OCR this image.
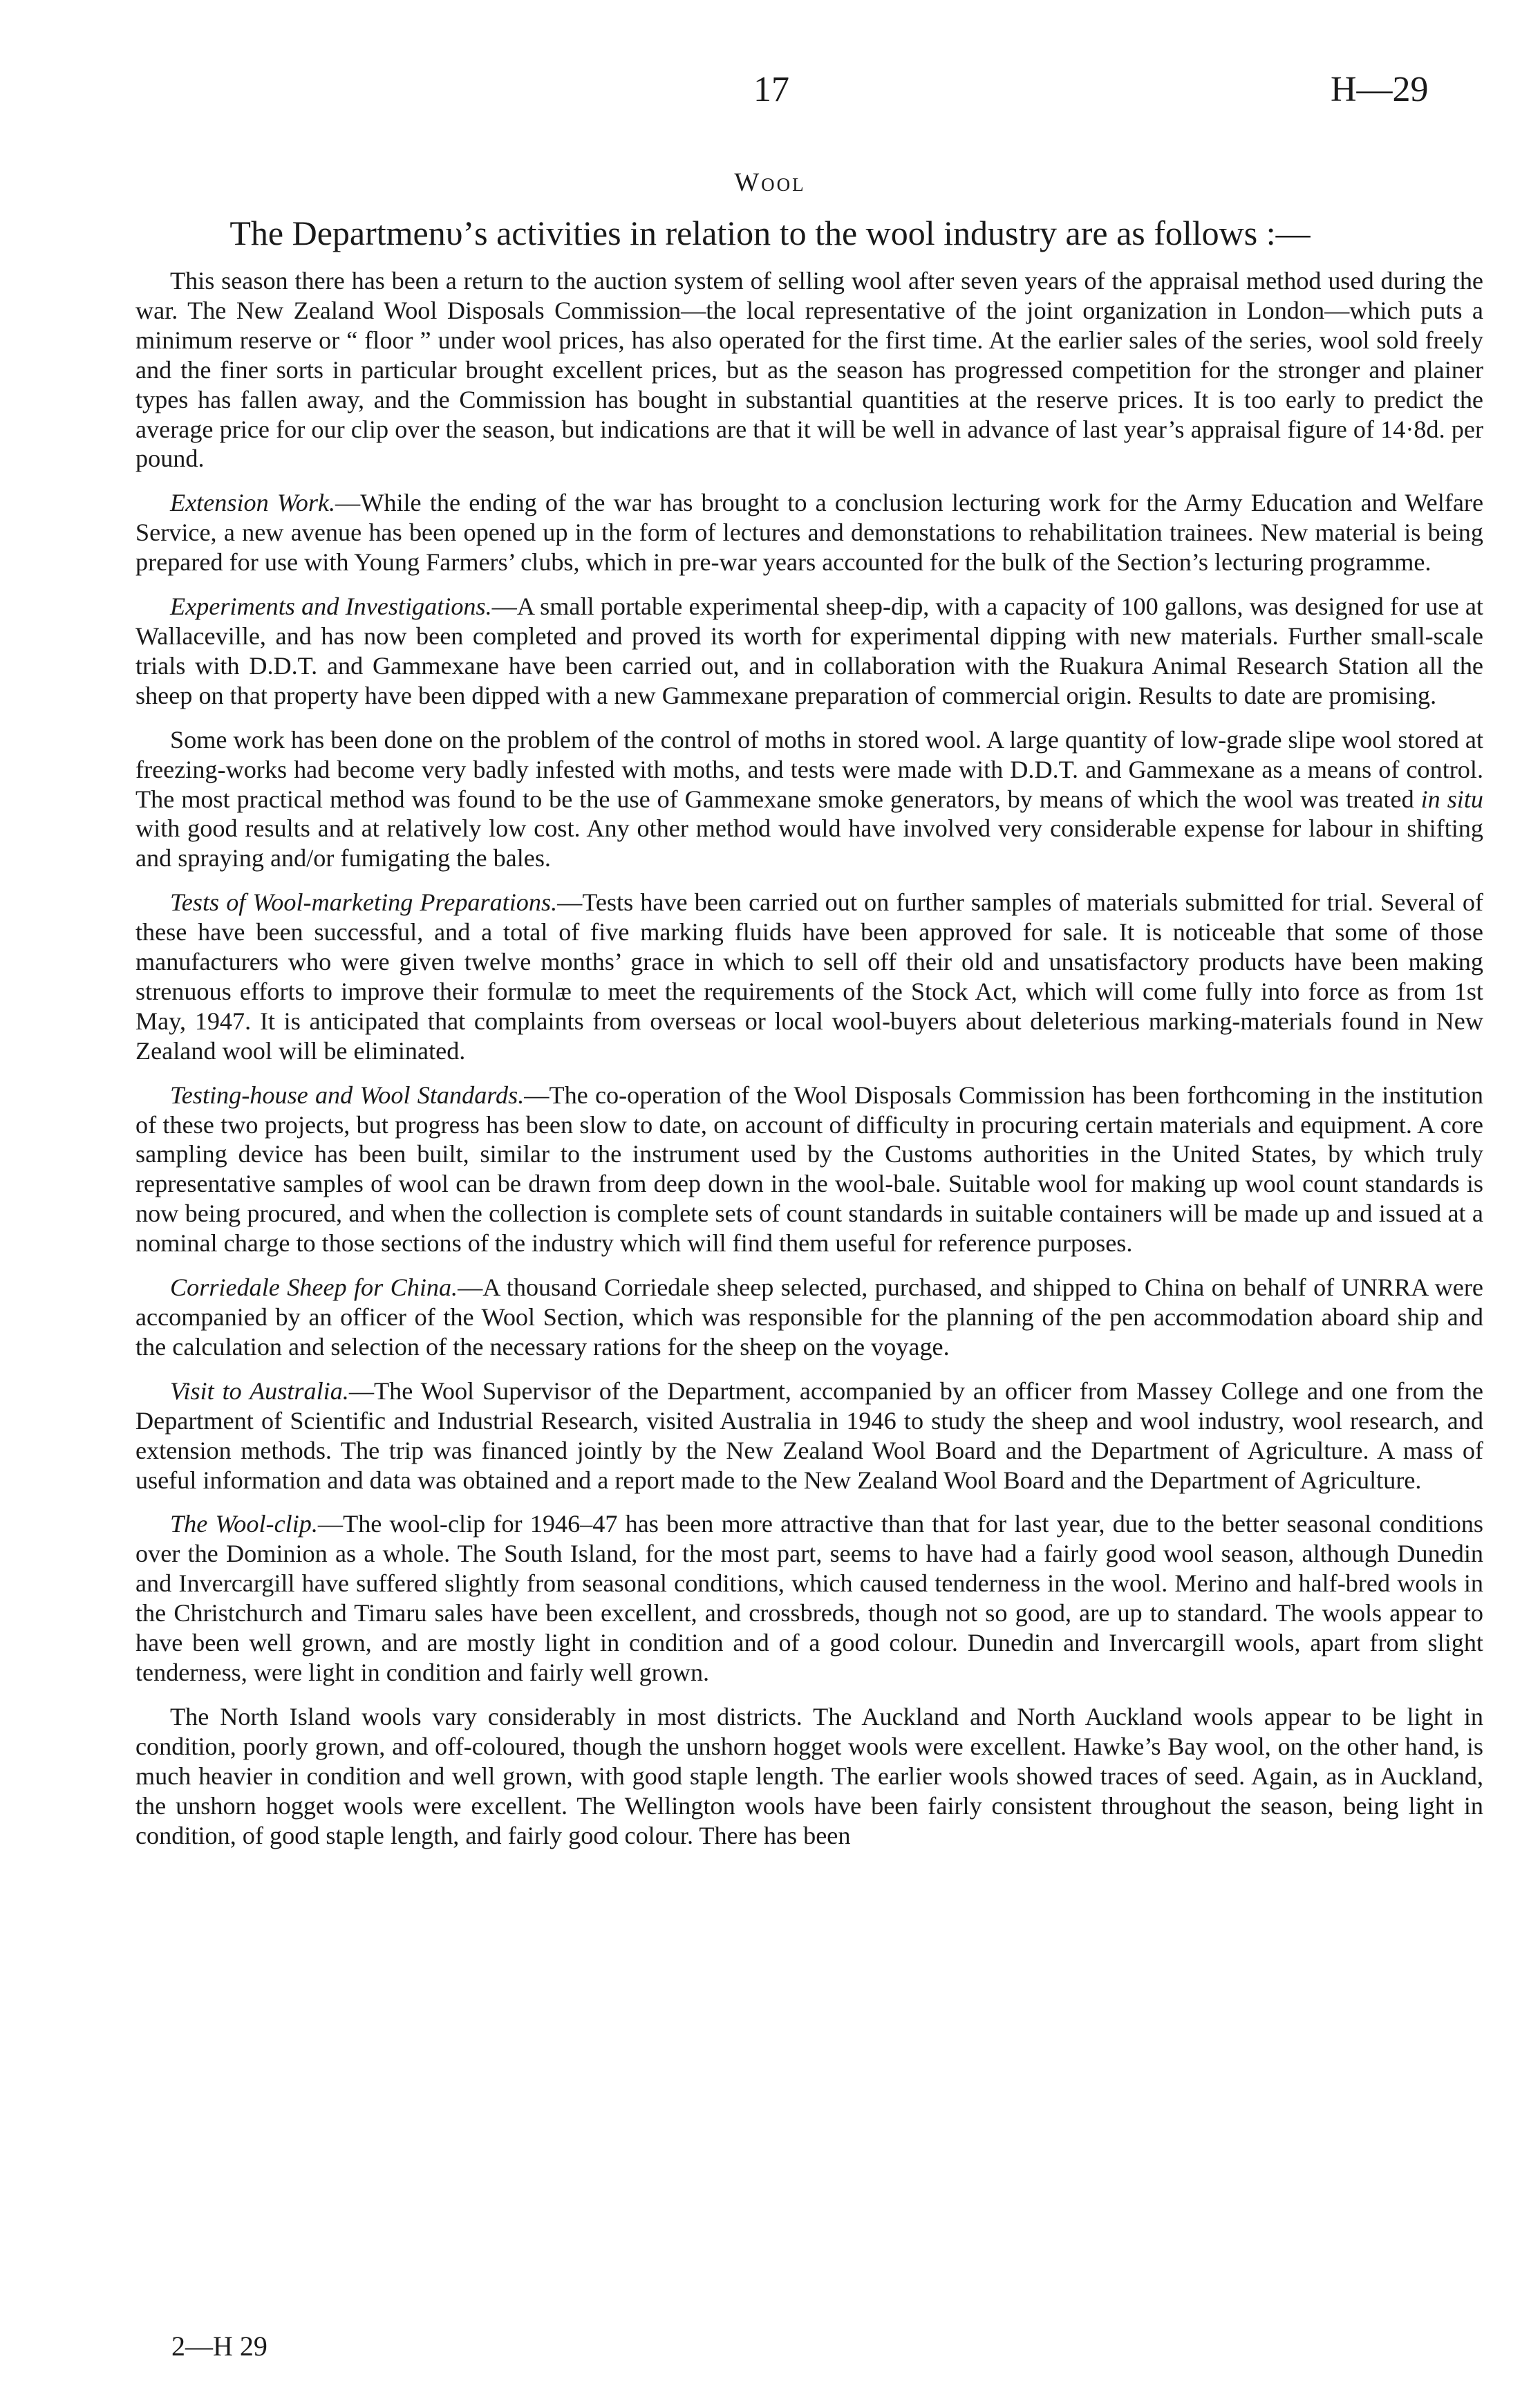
17	H—29
Wool
The Departmenυ’s activities in relation to the wool industry are as follows :—

This season there has been a return to the auction system of selling wool after seven years of the appraisal method used during the war. The New Zealand Wool Disposals Commission—the local representative of the joint organization in London—which puts a minimum reserve or “ floor ” under wool prices, has also operated for the first time. At the earlier sales of the series, wool sold freely and the finer sorts in particular brought excellent prices, but as the season has progressed competition for the stronger and plainer types has fallen away, and the Commission has bought in substantial quantities at the reserve prices. It is too early to predict the average price for our clip over the season, but indications are that it will be well in advance of last year’s appraisal figure of 14·8d. per pound.

Extension Work.—While the ending of the war has brought to a conclusion lecturing work for the Army Education and Welfare Service, a new avenue has been opened up in the form of lectures and demonstations to rehabilitation trainees. New material is being prepared for use with Young Farmers’ clubs, which in pre-war years accounted for the bulk of the Section’s lecturing programme.

Experiments and Investigations.—A small portable experimental sheep-dip, with a capacity of 100 gallons, was designed for use at Wallaceville, and has now been completed and proved its worth for experimental dipping with new materials. Further small-scale trials with D.D.T. and Gammexane have been carried out, and in collaboration with the Ruakura Animal Research Station all the sheep on that property have been dipped with a new Gammexane preparation of commercial origin. Results to date are promising.

Some work has been done on the problem of the control of moths in stored wool. A large quantity of low-grade slipe wool stored at freezing-works had become very badly infested with moths, and tests were made with D.D.T. and Gammexane as a means of control. The most practical method was found to be the use of Gammexane smoke generators, by means of which the wool was treated in situ with good results and at relatively low cost. Any other method would have involved very considerable expense for labour in shifting and spraying and/or fumigating the bales.

Tests of Wool-marketing Preparations.—Tests have been carried out on further samples of materials submitted for trial. Several of these have been successful, and a total of five marking fluids have been approved for sale. It is noticeable that some of those manufacturers who were given twelve months’ grace in which to sell off their old and unsatisfactory products have been making strenuous efforts to improve their formulæ to meet the requirements of the Stock Act, which will come fully into force as from 1st May, 1947. It is anticipated that complaints from overseas or local wool-buyers about deleterious marking-materials found in New Zealand wool will be eliminated.

Testing-house and Wool Standards.—The co-operation of the Wool Disposals Commission has been forthcoming in the institution of these two projects, but progress has been slow to date, on account of difficulty in procuring certain materials and equipment. A core sampling device has been built, similar to the instrument used by the Customs authorities in the United States, by which truly representative samples of wool can be drawn from deep down in the wool-bale. Suitable wool for making up wool count standards is now being procured, and when the collection is complete sets of count standards in suitable containers will be made up and issued at a nominal charge to those sections of the industry which will find them useful for reference purposes.

Corriedale Sheep for China.—A thousand Corriedale sheep selected, purchased, and shipped to China on behalf of UNRRA were accompanied by an officer of the Wool Section, which was responsible for the planning of the pen accommodation aboard ship and the calculation and selection of the necessary rations for the sheep on the voyage.

Visit to Australia.—The Wool Supervisor of the Department, accompanied by an officer from Massey College and one from the Department of Scientific and Industrial Research, visited Australia in 1946 to study the sheep and wool industry, wool research, and extension methods. The trip was financed jointly by the New Zealand Wool Board and the Department of Agriculture. A mass of useful information and data was obtained and a report made to the New Zealand Wool Board and the Department of Agriculture.

The Wool-clip.—The wool-clip for 1946–47 has been more attractive than that for last year, due to the better seasonal conditions over the Dominion as a whole. The South Island, for the most part, seems to have had a fairly good wool season, although Dunedin and Invercargill have suffered slightly from seasonal conditions, which caused tenderness in the wool. Merino and half-bred wools in the Christchurch and Timaru sales have been excellent, and crossbreds, though not so good, are up to standard. The wools appear to have been well grown, and are mostly light in condition and of a good colour. Dunedin and Invercargill wools, apart from slight tenderness, were light in condition and fairly well grown.

The North Island wools vary considerably in most districts. The Auckland and North Auckland wools appear to be light in condition, poorly grown, and off-coloured, though the unshorn hogget wools were excellent. Hawke’s Bay wool, on the other hand, is much heavier in condition and well grown, with good staple length. The earlier wools showed traces of seed. Again, as in Auckland, the unshorn hogget wools were excellent. The Wellington wools have been fairly consistent throughout the season, being light in condition, of good staple length, and fairly good colour. There has been

2—H 29
